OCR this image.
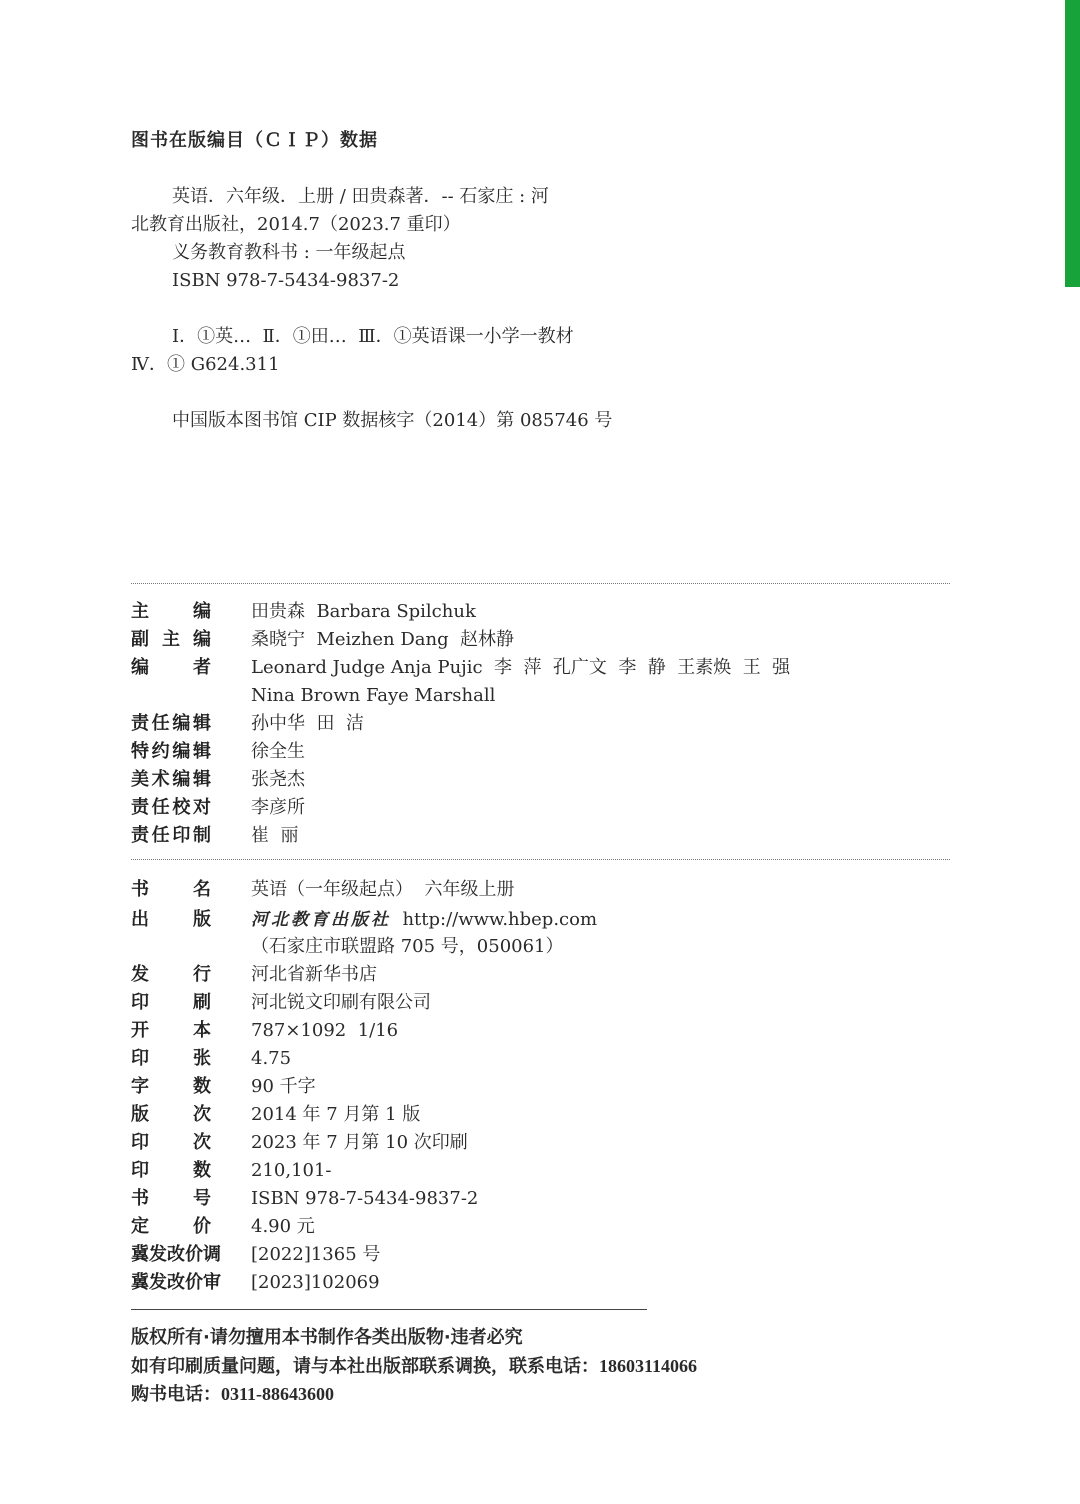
图书在版编目（ＣＩＰ）数据
英语．六年级．上册 / 田贵森著．-- 石家庄 : 河
北教育出版社，2014.7（2023.7 重印）
义务教育教科书 : 一年级起点
ISBN 978-7-5434-9837-2
Ⅰ．①英…  Ⅱ．①田…  Ⅲ．①英语课一小学一教材
Ⅳ．① G624.311
中国版本图书馆 CIP 数据核字（2014）第 085746 号
主　编 田贵森  Barbara Spilchuk
副主编 桑晓宁  Meizhen Dang  赵林静
编　者 Leonard Judge Anja Pujic  李  萍  孔广文  李  静  王素焕  王  强
Nina Brown Faye Marshall
责任编辑 孙中华  田  洁
特约编辑 徐全生
美术编辑 张尧杰
责任校对 李彦所
责任印制 崔  丽
书　名 英语（一年级起点）  六年级上册
出　版 河北教育出版社 http://www.hbep.com
（石家庄市联盟路 705 号，050061）
发　行 河北省新华书店
印　刷 河北锐文印刷有限公司
开　本 787×1092  1/16
印　张 4.75
字　数 90 千字
版　次 2014 年 7 月第 1 版
印　次 2023 年 7 月第 10 次印刷
印　数 210,101-
书　号 ISBN 978-7-5434-9837-2
定　价 4.90 元
冀发改价调 [2022]1365 号
冀发改价审 [2023]102069
版权所有·请勿擅用本书制作各类出版物·违者必究
如有印刷质量问题，请与本社出版部联系调换，联系电话：18603114066
购书电话：0311-88643600
